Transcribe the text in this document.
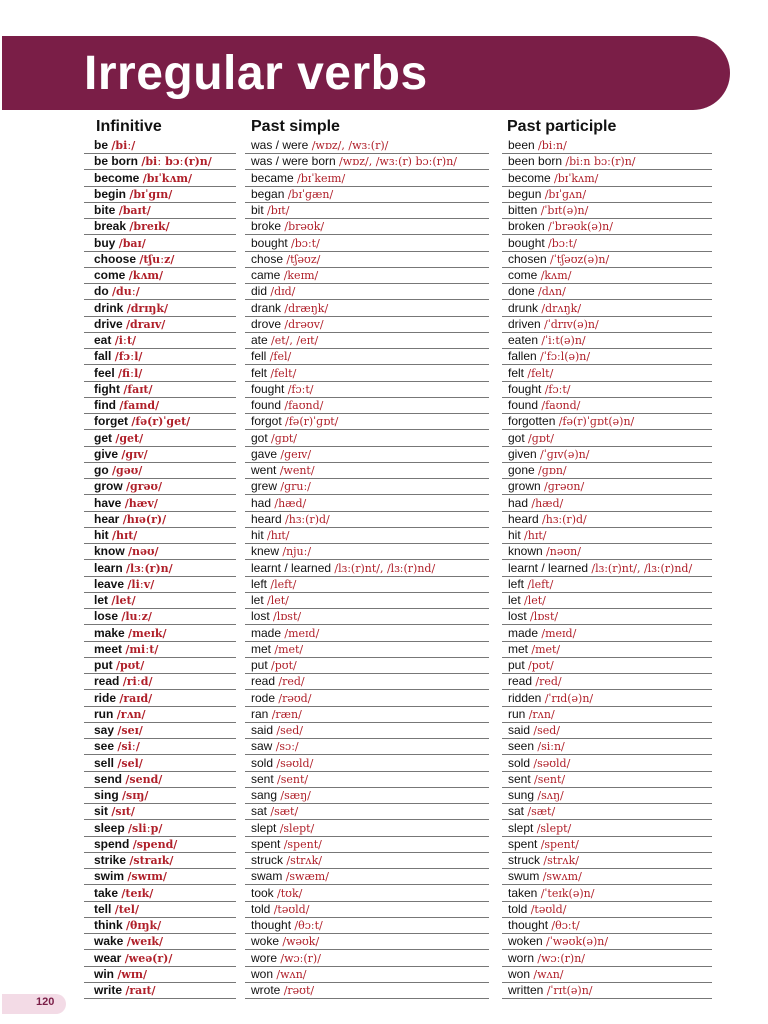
Irregular verbs
Infinitive	Past simple	Past participle
be /biː/	was / were /wɒz/, /wɜː(r)/	been /biːn/
be born /biː bɔː(r)n/	was / were born /wɒz/, /wɜː(r) bɔː(r)n/	been born /biːn bɔː(r)n/
become /bɪˈkʌm/	became /bɪˈkeɪm/	become /bɪˈkʌm/
begin /bɪˈɡɪn/	began /bɪˈɡæn/	begun /bɪˈɡʌn/
bite /baɪt/	bit /bɪt/	bitten /ˈbɪt(ə)n/
break /breɪk/	broke /brəʊk/	broken /ˈbrəʊk(ə)n/
buy /baɪ/	bought /bɔːt/	bought /bɔːt/
choose /tʃuːz/	chose /tʃəʊz/	chosen /ˈtʃəʊz(ə)n/
come /kʌm/	came /keɪm/	come /kʌm/
do /duː/	did /dɪd/	done /dʌn/
drink /drɪŋk/	drank /dræŋk/	drunk /drʌŋk/
drive /draɪv/	drove /drəʊv/	driven /ˈdrɪv(ə)n/
eat /iːt/	ate /et/, /eɪt/	eaten /ˈiːt(ə)n/
fall /fɔːl/	fell /fel/	fallen /ˈfɔːl(ə)n/
feel /fiːl/	felt /felt/	felt /felt/
fight /faɪt/	fought /fɔːt/	fought /fɔːt/
find /faɪnd/	found /faʊnd/	found /faʊnd/
forget /fə(r)ˈɡet/	forgot /fə(r)ˈɡɒt/	forgotten /fə(r)ˈɡɒt(ə)n/
get /ɡet/	got /ɡɒt/	got /ɡɒt/
give /ɡɪv/	gave /ɡeɪv/	given /ˈɡɪv(ə)n/
go /ɡəʊ/	went /went/	gone /ɡɒn/
grow /ɡrəʊ/	grew /ɡruː/	grown /ɡrəʊn/
have /hæv/	had /hæd/	had /hæd/
hear /hɪə(r)/	heard /hɜː(r)d/	heard /hɜː(r)d/
hit /hɪt/	hit /hɪt/	hit /hɪt/
know /nəʊ/	knew /njuː/	known /nəʊn/
learn /lɜː(r)n/	learnt / learned /lɜː(r)nt/, /lɜː(r)nd/	learnt / learned /lɜː(r)nt/, /lɜː(r)nd/
leave /liːv/	left /left/	left /left/
let /let/	let /let/	let /let/
lose /luːz/	lost /lɒst/	lost /lɒst/
make /meɪk/	made /meɪd/	made /meɪd/
meet /miːt/	met /met/	met /met/
put /pʊt/	put /pʊt/	put /pʊt/
read /riːd/	read /red/	read /red/
ride /raɪd/	rode /rəʊd/	ridden /ˈrɪd(ə)n/
run /rʌn/	ran /ræn/	run /rʌn/
say /seɪ/	said /sed/	said /sed/
see /siː/	saw /sɔː/	seen /siːn/
sell /sel/	sold /səʊld/	sold /səʊld/
send /send/	sent /sent/	sent /sent/
sing /sɪŋ/	sang /sæŋ/	sung /sʌŋ/
sit /sɪt/	sat /sæt/	sat /sæt/
sleep /sliːp/	slept /slept/	slept /slept/
spend /spend/	spent /spent/	spent /spent/
strike /straɪk/	struck /strʌk/	struck /strʌk/
swim /swɪm/	swam /swæm/	swum /swʌm/
take /teɪk/	took /tʊk/	taken /ˈteɪk(ə)n/
tell /tel/	told /təʊld/	told /təʊld/
think /θɪŋk/	thought /θɔːt/	thought /θɔːt/
wake /weɪk/	woke /wəʊk/	woken /ˈwəʊk(ə)n/
wear /weə(r)/	wore /wɔː(r)/	worn /wɔː(r)n/
win /wɪn/	won /wʌn/	won /wʌn/
write /raɪt/	wrote /rəʊt/	written /ˈrɪt(ə)n/
120
